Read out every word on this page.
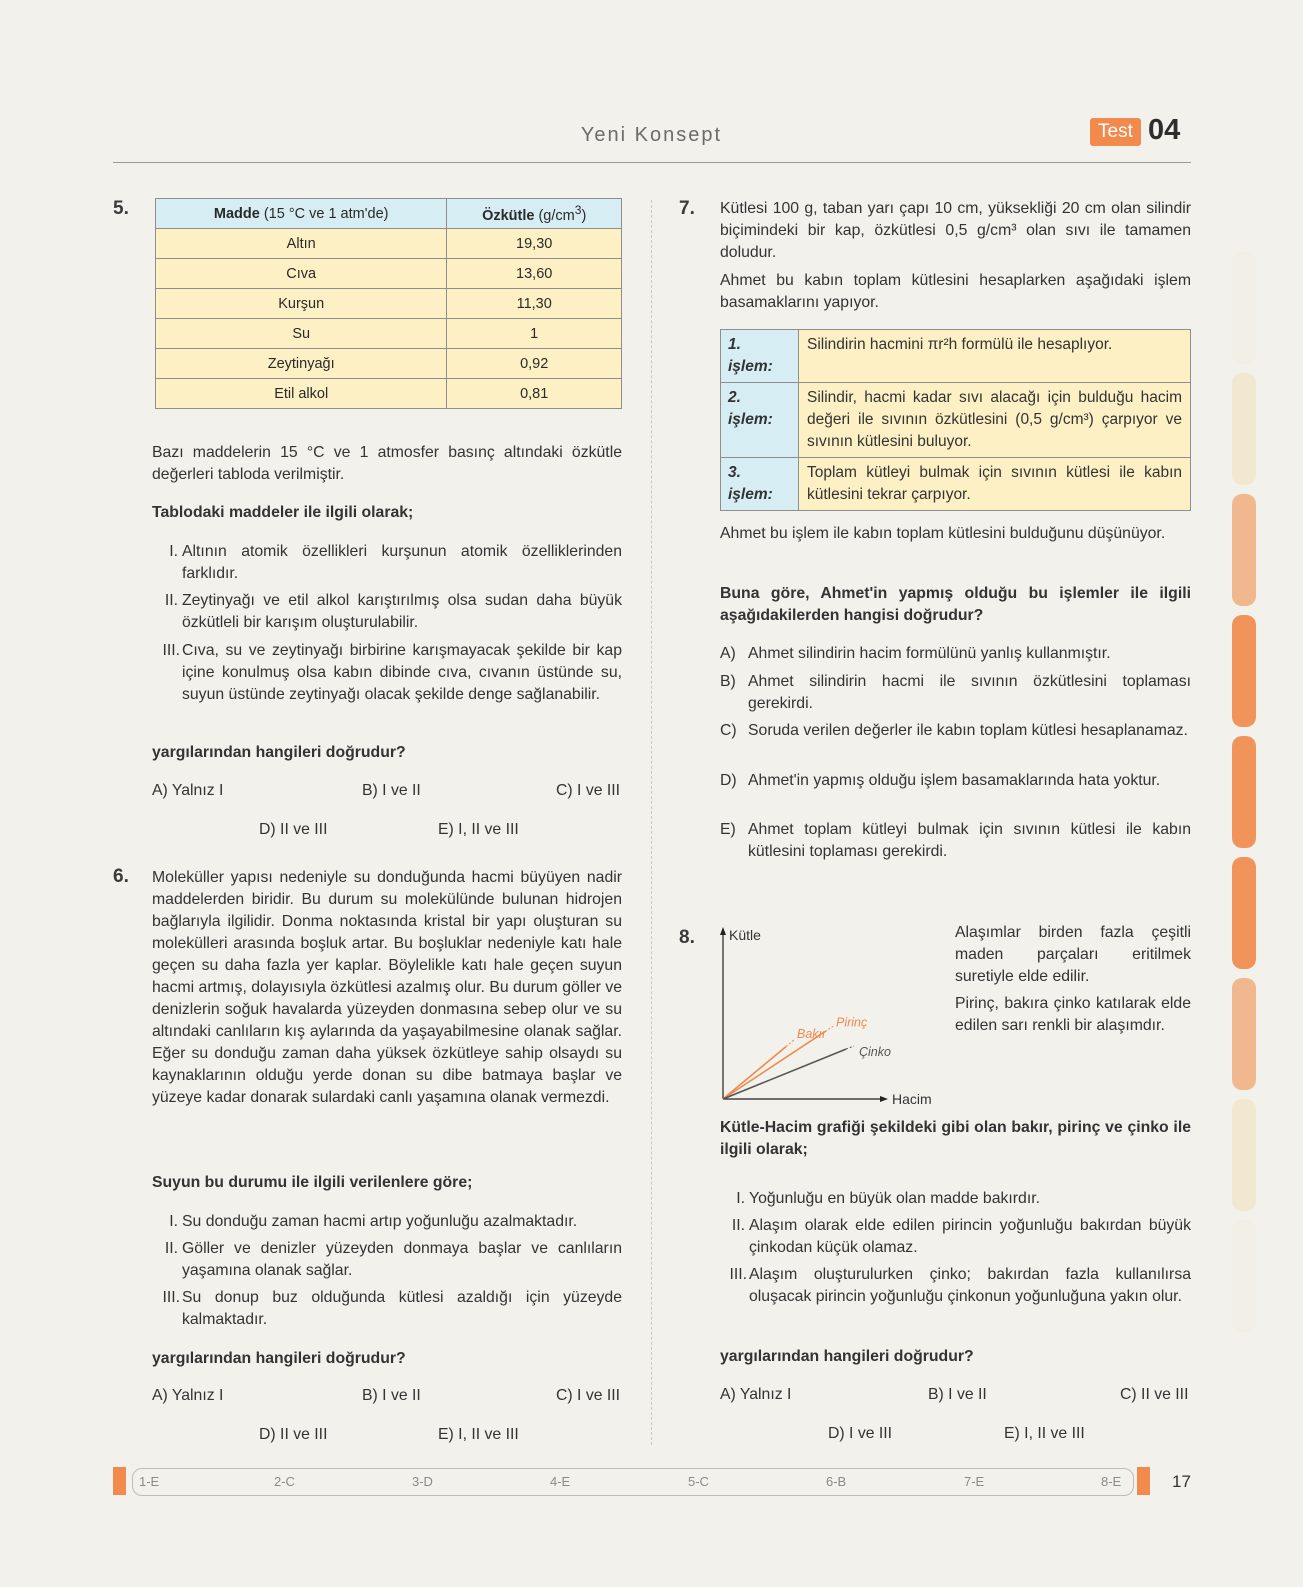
Yeni Konsept	Test 04
5.	Madde (15 °C ve 1 atm'de)	Özkütle $(g/cm^3)$
Altın	19,30
Cıva	13,60
Kurşun	11,30
Su	1
Zeytinyağı	0,92
Etil alkol	0,81
Bazı maddelerin 15 °C ve 1 atmosfer basınç altındaki özkütle değerleri tabloda verilmiştir.
Tablodaki maddeler ile ilgili olarak;
I. Altının atomik özellikleri kurşunun atomik özelliklerinden farklıdır.
II. Zeytinyağı ve etil alkol karıştırılmış olsa sudan daha büyük özkütleli bir karışım oluşturulabilir.
III. Cıva, su ve zeytinyağı birbirine karışmayacak şekilde bir kap içine konulmuş olsa kabın dibinde cıva, cıvanın üstünde su, suyun üstünde zeytinyağı olacak şekilde denge sağlanabilir.
yargılarından hangileri doğrudur?
A) Yalnız I	B) I ve II	C) I ve III
D) II ve III	E) I, II ve III
6. Moleküller yapısı nedeniyle su donduğunda hacmi büyüyen nadir maddelerden biridir. Bu durum su molekülünde bulunan hidrojen bağlarıyla ilgilidir. Donma noktasında kristal bir yapı oluşturan su molekülleri arasında boşluk artar. Bu boşluklar nedeniyle katı hale geçen su daha fazla yer kaplar. Böylelikle katı hale geçen suyun hacmi artmış, dolayısıyla özkütlesi azalmış olur. Bu durum göller ve denizlerin soğuk havalarda yüzeyden donmasına sebep olur ve su altındaki canlıların kış aylarında da yaşayabilmesine olanak sağlar. Eğer su donduğu zaman daha yüksek özkütleye sahip olsaydı su kaynaklarının olduğu yerde donan su dibe batmaya başlar ve yüzeye kadar donarak sulardaki canlı yaşamına olanak vermezdi.
Suyun bu durumu ile ilgili verilenlere göre;
I. Su donduğu zaman hacmi artıp yoğunluğu azalmaktadır.
II. Göller ve denizler yüzeyden donmaya başlar ve canlıların yaşamına olanak sağlar.
III. Su donup buz olduğunda kütlesi azaldığı için yüzeyde kalmaktadır.
yargılarından hangileri doğrudur?
A) Yalnız I	B) I ve II	C) I ve III
D) II ve III	E) I, II ve III
7. Kütlesi 100 g, taban yarı çapı 10 cm, yüksekliği 20 cm olan silindir biçimindeki bir kap, özkütlesi 0,5 g/cm³ olan sıvı ile tamamen doludur.
Ahmet bu kabın toplam kütlesini hesaplarken aşağıdaki işlem basamaklarını yapıyor.
1. işlem:	Silindirin hacmini πr²h formülü ile hesaplıyor.
2. işlem:	Silindir, hacmi kadar sıvı alacağı için bulduğu hacim değeri ile sıvının özkütlesini (0,5 g/cm³) çarpıyor ve sıvının kütlesini buluyor.
3. işlem:	Toplam kütleyi bulmak için sıvının kütlesi ile kabın kütlesini tekrar çarpıyor.
Ahmet bu işlem ile kabın toplam kütlesini bulduğunu düşünüyor.
Buna göre, Ahmet'in yapmış olduğu bu işlemler ile ilgili aşağıdakilerden hangisi doğrudur?
A) Ahmet silindirin hacim formülünü yanlış kullanmıştır.
B) Ahmet silindirin hacmi ile sıvının özkütlesini toplaması gerekirdi.
C) Soruda verilen değerler ile kabın toplam kütlesi hesaplanamaz.
D) Ahmet'in yapmış olduğu işlem basamaklarında hata yoktur.
E) Ahmet toplam kütleyi bulmak için sıvının kütlesi ile kabın kütlesini toplaması gerekirdi.
8. Kütle
Hacim
Bakır
Pirinç
Çinko
Alaşımlar birden fazla çeşitli maden parçaları eritilmek suretiyle elde edilir.
Pirinç, bakıra çinko katılarak elde edilen sarı renkli bir alaşımdır.
Kütle-Hacim grafiği şekildeki gibi olan bakır, pirinç ve çinko ile ilgili olarak;
I. Yoğunluğu en büyük olan madde bakırdır.
II. Alaşım olarak elde edilen pirincin yoğunluğu bakırdan büyük çinkodan küçük olamaz.
III. Alaşım oluşturulurken çinko; bakırdan fazla kullanılırsa oluşacak pirincin yoğunluğu çinkonun yoğunluğuna yakın olur.
yargılarından hangileri doğrudur?
A) Yalnız I	B) I ve II	C) II ve III
D) I ve III	E) I, II ve III
1-E	2-C	3-D	4-E	5-C	6-B	7-E	8-E	17
